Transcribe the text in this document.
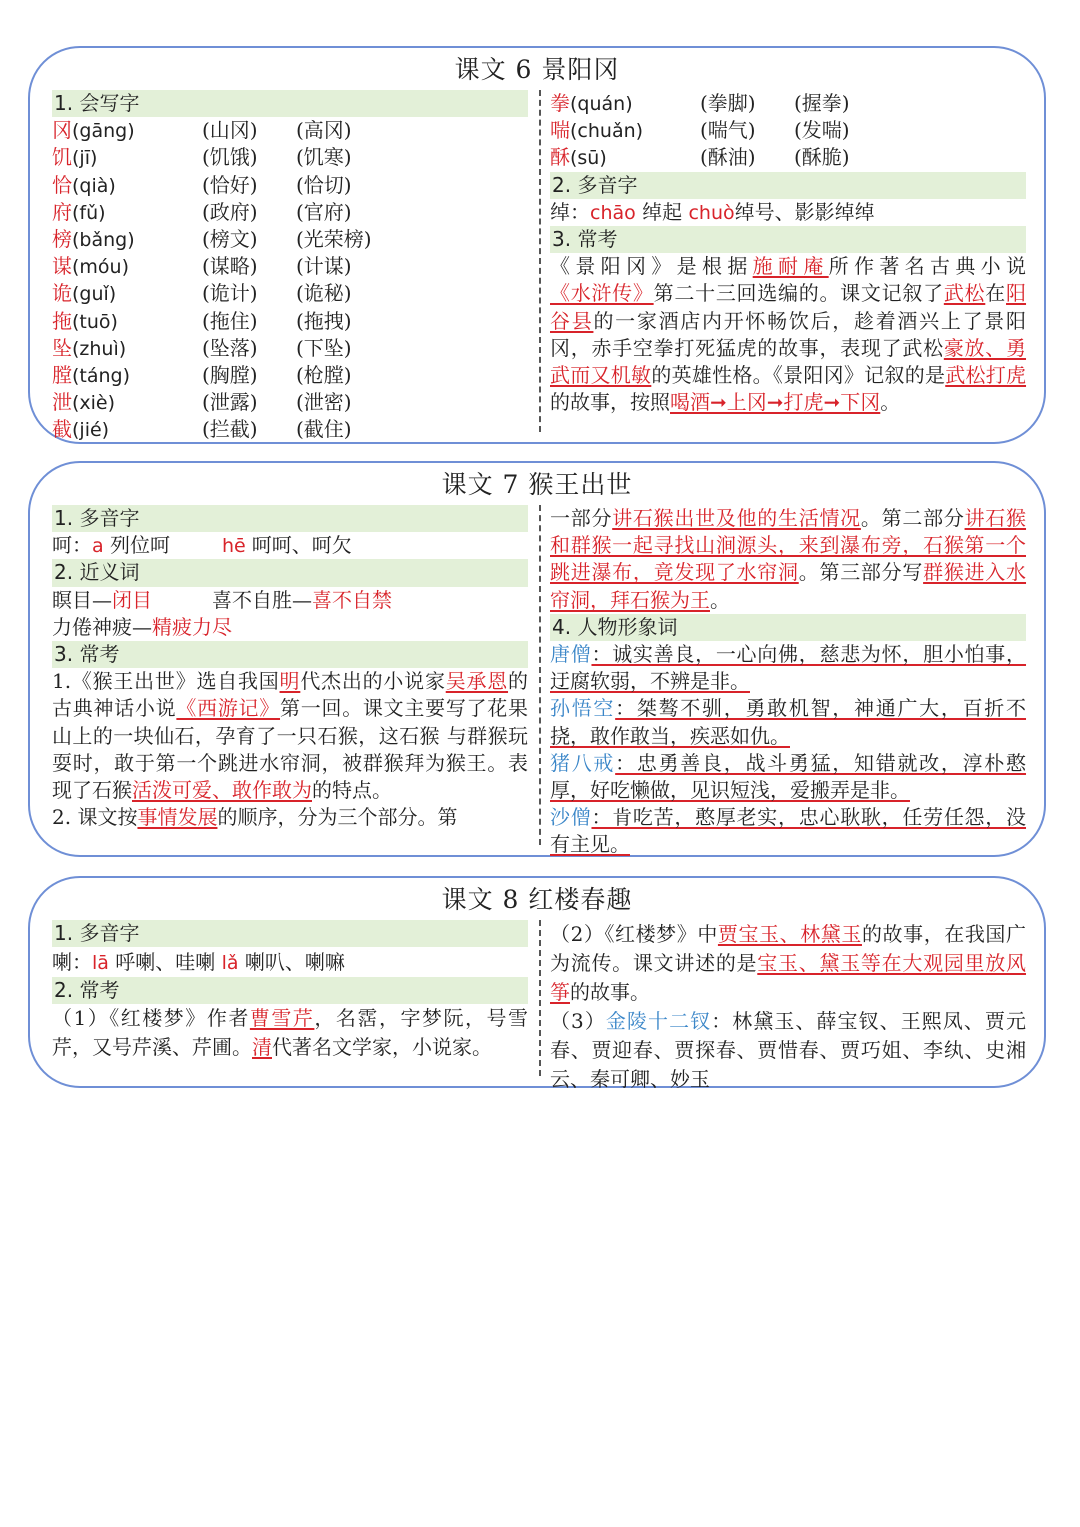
课文 6 景阳冈
1. 会写字
冈(gāng)	(山冈) (高冈)
饥(jī)	(饥饿) (饥寒)
恰(qià)	(恰好) (恰切)
府(fǔ)	(政府) (官府)
榜(bǎng)	(榜文) (光荣榜)
谋(móu)	(谋略) (计谋)
诡(guǐ)	(诡计) (诡秘)
拖(tuō)	(拖住) (拖拽)
坠(zhuì)	(坠落) (下坠)
膛(táng)	(胸膛) (枪膛)
泄(xiè)	(泄露) (泄密)
截(jié)	(拦截) (截住)
拳(quán)	(拳脚) (握拳)
喘(chuǎn)	(喘气) (发喘)
酥(sū)	(酥油) (酥脆)
2. 多音字
绰：chāo 绰起 chuò绰号、影影绰绰
3. 常考
《景阳冈》是根据施耐庵所作著名古典小说《水浒传》第二十三回选编的。课文记叙了武松在阳谷县的一家酒店内开怀畅饮后，趁着酒兴上了景阳冈，赤手空拳打死猛虎的故事，表现了武松豪放、勇武而又机敏的英雄性格。《景阳冈》记叙的是武松打虎的故事，按照喝酒➞上冈➞打虎➞下冈。
课文 7 猴王出世
1. 多音字
呵：a 列位呵	hē 呵呵、呵欠
2. 近义词
瞑目—闭目	喜不自胜—喜不自禁
力倦神疲—精疲力尽
3. 常考
1.《猴王出世》选自我国明代杰出的小说家吴承恩的古典神话小说《西游记》第一回。课文主要写了花果山上的一块仙石，孕育了一只石猴，这石猴 与群猴玩耍时，敢于第一个跳进水帘洞，被群猴拜为猴王。表现了石猴活泼可爱、敢作敢为的特点。
2. 课文按事情发展的顺序，分为三个部分。第
一部分讲石猴出世及他的生活情况。第二部分讲石猴和群猴一起寻找山涧源头，来到瀑布旁，石猴第一个跳进瀑布，竟发现了水帘洞。第三部分写群猴进入水帘洞，拜石猴为王。
4. 人物形象词
唐僧：诚实善良，一心向佛，慈悲为怀，胆小怕事，迂腐软弱，不辨是非。
孙悟空：桀骜不驯，勇敢机智，神通广大，百折不挠，敢作敢当，疾恶如仇。
猪八戒：忠勇善良，战斗勇猛，知错就改，淳朴憨厚，好吃懒做，见识短浅，爱搬弄是非。
沙僧：肯吃苦，憨厚老实，忠心耿耿，任劳任怨，没有主见。
课文 8 红楼春趣
1. 多音字
喇：lā 呼喇、哇喇 lǎ 喇叭、喇嘛
2. 常考
（1）《红楼梦》作者曹雪芹，名霑，字梦阮，号雪芹，又号芹溪、芹圃。清代著名文学家，小说家。
（2）《红楼梦》中贾宝玉、林黛玉的故事，在我国广为流传。课文讲述的是宝玉、黛玉等在大观园里放风筝的故事。
（3）金陵十二钗：林黛玉、薛宝钗、王熙凤、贾元春、贾迎春、贾探春、贾惜春、贾巧姐、李纨、史湘云、秦可卿、妙玉
